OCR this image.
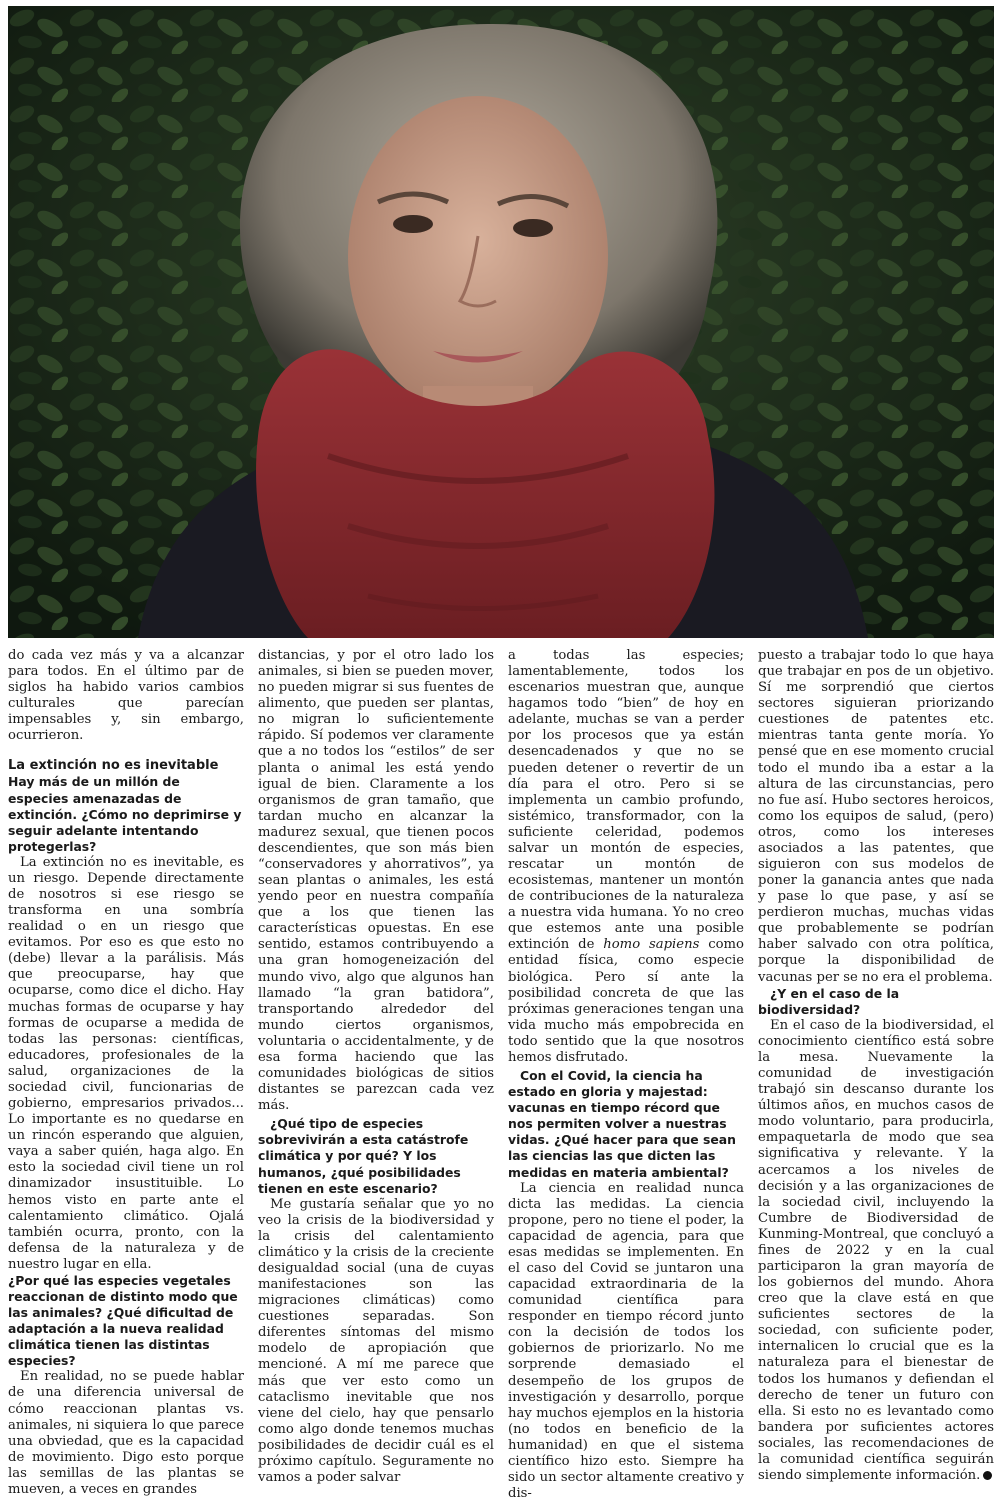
do cada vez más y va a alcanzar para todos. En el último par de siglos ha habido varios cambios culturales que parecían impensables y, sin embargo, ocurrieron.

La extinción no es inevitable

Hay más de un millón de especies amenazadas de extinción. ¿Cómo no deprimirse y seguir adelante intentando protegerlas?

La extinción no es inevitable, es un riesgo. Depende directamente de nosotros si ese riesgo se transforma en una sombría realidad o en un riesgo que evitamos. Por eso es que esto no (debe) llevar a la parálisis. Más que preocuparse, hay que ocuparse, como dice el dicho. Hay muchas formas de ocuparse y hay formas de ocuparse a medida de todas las personas: científicas, educadores, profesionales de la salud, organizaciones de la sociedad civil, funcionarias de gobierno, empresarios privados... Lo importante es no quedarse en un rincón esperando que alguien, vaya a saber quién, haga algo. En esto la sociedad civil tiene un rol dinamizador insustituible. Lo hemos visto en parte ante el calentamiento climático. Ojalá también ocurra, pronto, con la defensa de la naturaleza y de nuestro lugar en ella.

¿Por qué las especies vegetales reaccionan de distinto modo que las animales? ¿Qué dificultad de adaptación a la nueva realidad climática tienen las distintas especies?

En realidad, no se puede hablar de una diferencia universal de cómo reaccionan plantas vs. animales, ni siquiera lo que parece una obviedad, que es la capacidad de movimiento. Digo esto porque las semillas de las plantas se mueven, a veces en grandes

distancias, y por el otro lado los animales, si bien se pueden mover, no pueden migrar si sus fuentes de alimento, que pueden ser plantas, no migran lo suficientemente rápido. Sí podemos ver claramente que a no todos los “estilos” de ser planta o animal les está yendo igual de bien. Claramente a los organismos de gran tamaño, que tardan mucho en alcanzar la madurez sexual, que tienen pocos descendientes, que son más bien “conservadores y ahorrativos”, ya sean plantas o animales, les está yendo peor en nuestra compañía que a los que tienen las características opuestas. En ese sentido, estamos contribuyendo a una gran homogeneización del mundo vivo, algo que algunos han llamado “la gran batidora”, transportando alrededor del mundo ciertos organismos, voluntaria o accidentalmente, y de esa forma haciendo que las comunidades biológicas de sitios distantes se parezcan cada vez más.

¿Qué tipo de especies sobrevivirán a esta catástrofe climática y por qué? Y los humanos, ¿qué posibilidades tienen en este escenario?

Me gustaría señalar que yo no veo la crisis de la biodiversidad y la crisis del calentamiento climático y la crisis de la creciente desigualdad social (una de cuyas manifestaciones son las migraciones climáticas) como cuestiones separadas. Son diferentes síntomas del mismo modelo de apropiación que mencioné. A mí me parece que más que ver esto como un cataclismo inevitable que nos viene del cielo, hay que pensarlo como algo donde tenemos muchas posibilidades de decidir cuál es el próximo capítulo. Seguramente no vamos a poder salvar

a todas las especies; lamentablemente, todos los escenarios muestran que, aunque hagamos todo “bien” de hoy en adelante, muchas se van a perder por los procesos que ya están desencadenados y que no se pueden detener o revertir de un día para el otro. Pero si se implementa un cambio profundo, sistémico, transformador, con la suficiente celeridad, podemos salvar un montón de especies, rescatar un montón de ecosistemas, mantener un montón de contribuciones de la naturaleza a nuestra vida humana. Yo no creo que estemos ante una posible extinción de homo sapiens como entidad física, como especie biológica. Pero sí ante la posibilidad concreta de que las próximas generaciones tengan una vida mucho más empobrecida en todo sentido que la que nosotros hemos disfrutado.

Con el Covid, la ciencia ha estado en gloria y majestad: vacunas en tiempo récord que nos permiten volver a nuestras vidas. ¿Qué hacer para que sean las ciencias las que dicten las medidas en materia ambiental?

La ciencia en realidad nunca dicta las medidas. La ciencia propone, pero no tiene el poder, la capacidad de agencia, para que esas medidas se implementen. En el caso del Covid se juntaron una capacidad extraordinaria de la comunidad científica para responder en tiempo récord junto con la decisión de todos los gobiernos de priorizarlo. No me sorprende demasiado el desempeño de los grupos de investigación y desarrollo, porque hay muchos ejemplos en la historia (no todos en beneficio de la humanidad) en que el sistema científico hizo esto. Siempre ha sido un sector altamente creativo y dis-

puesto a trabajar todo lo que haya que trabajar en pos de un objetivo. Sí me sorprendió que ciertos sectores siguieran priorizando cuestiones de patentes etc. mientras tanta gente moría. Yo pensé que en ese momento crucial todo el mundo iba a estar a la altura de las circunstancias, pero no fue así. Hubo sectores heroicos, como los equipos de salud, (pero) otros, como los intereses asociados a las patentes, que siguieron con sus modelos de poner la ganancia antes que nada y pase lo que pase, y así se perdieron muchas, muchas vidas que probablemente se podrían haber salvado con otra política, porque la disponibilidad de vacunas per se no era el problema.

¿Y en el caso de la biodiversidad?

En el caso de la biodiversidad, el conocimiento científico está sobre la mesa. Nuevamente la comunidad de investigación trabajó sin descanso durante los últimos años, en muchos casos de modo voluntario, para producirla, empaquetarla de modo que sea significativa y relevante. Y la acercamos a los niveles de decisión y a las organizaciones de la sociedad civil, incluyendo la Cumbre de Biodiversidad de Kunming-Montreal, que concluyó a fines de 2022 y en la cual participaron la gran mayoría de los gobiernos del mundo. Ahora creo que la clave está en que suficientes sectores de la sociedad, con suficiente poder, internalicen lo crucial que es la naturaleza para el bienestar de todos los humanos y defiendan el derecho de tener un futuro con ella. Si esto no es levantado como bandera por suficientes actores sociales, las recomendaciones de la comunidad científica seguirán siendo simplemente información.
